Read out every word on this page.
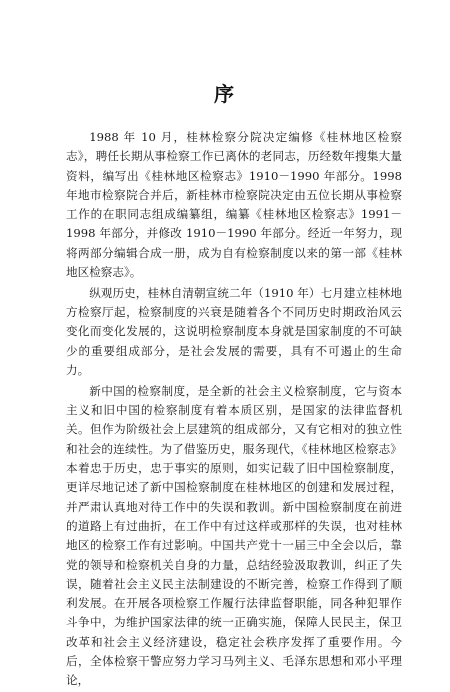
序

1988 年 10 月，桂林检察分院决定编修《桂林地区检察志》，聘任长期从事检察工作已离休的老同志，历经数年搜集大量资料，编写出《桂林地区检察志》1910－1990 年部分。1998 年地市检察院合并后，新桂林市检察院决定由五位长期从事检察工作的在职同志组成编纂组，编纂《桂林地区检察志》1991－1998 年部分，并修改 1910－1990 年部分。经近一年努力，现将两部分编辑合成一册，成为自有检察制度以来的第一部《桂林地区检察志》。

纵观历史，桂林自清朝宣统二年（1910 年）七月建立桂林地方检察厅起，检察制度的兴衰是随着各个不同历史时期政治风云变化而变化发展的，这说明检察制度本身就是国家制度的不可缺少的重要组成部分，是社会发展的需要，具有不可遏止的生命力。

新中国的检察制度，是全新的社会主义检察制度，它与资本主义和旧中国的检察制度有着本质区别，是国家的法律监督机关。但作为阶级社会上层建筑的组成部分，又有它相对的独立性和社会的连续性。为了借鉴历史，服务现代，《桂林地区检察志》本着忠于历史，忠于事实的原则，如实记载了旧中国检察制度，更详尽地记述了新中国检察制度在桂林地区的创建和发展过程，并严肃认真地对待工作中的失误和教训。新中国检察制度在前进的道路上有过曲折，在工作中有过这样或那样的失误，也对桂林地区的检察工作有过影响。中国共产党十一届三中全会以后，靠党的领导和检察机关自身的力量，总结经验汲取教训，纠正了失误，随着社会主义民主法制建设的不断完善，检察工作得到了顺利发展。在开展各项检察工作履行法律监督职能，同各种犯罪作斗争中，为维护国家法律的统一正确实施，保障人民民主，保卫改革和社会主义经济建设，稳定社会秩序发挥了重要作用。今后，全体检察干警应努力学习马列主义、毛泽东思想和邓小平理论，
